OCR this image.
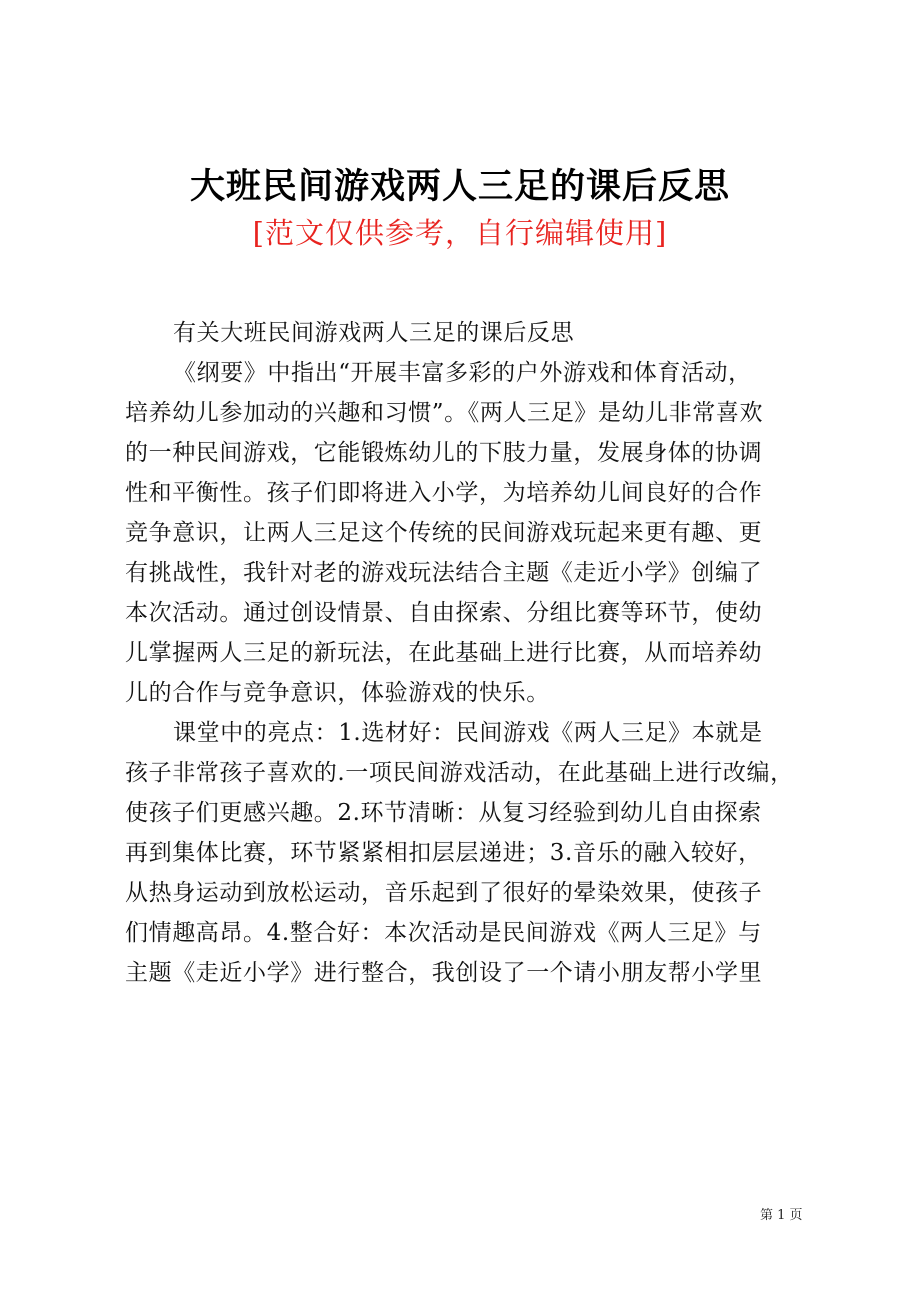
大班民间游戏两人三足的课后反思
[范文仅供参考，自行编辑使用]
有关大班民间游戏两人三足的课后反思
《纲要》中指出“开展丰富多彩的户外游戏和体育活动，
培养幼儿参加动的兴趣和习惯”。《两人三足》是幼儿非常喜欢
的一种民间游戏，它能锻炼幼儿的下肢力量，发展身体的协调
性和平衡性。孩子们即将进入小学，为培养幼儿间良好的合作
竞争意识，让两人三足这个传统的民间游戏玩起来更有趣、更
有挑战性，我针对老的游戏玩法结合主题《走近小学》创编了
本次活动。通过创设情景、自由探索、分组比赛等环节，使幼
儿掌握两人三足的新玩法，在此基础上进行比赛，从而培养幼
儿的合作与竞争意识，体验游戏的快乐。
课堂中的亮点：1.选材好：民间游戏《两人三足》本就是
孩子非常孩子喜欢的.一项民间游戏活动，在此基础上进行改编，
使孩子们更感兴趣。2.环节清晰：从复习经验到幼儿自由探索
再到集体比赛，环节紧紧相扣层层递进；3.音乐的融入较好，
从热身运动到放松运动，音乐起到了很好的晕染效果，使孩子
们情趣高昂。4.整合好：本次活动是民间游戏《两人三足》与
主题《走近小学》进行整合，我创设了一个请小朋友帮小学里
第 1 页
